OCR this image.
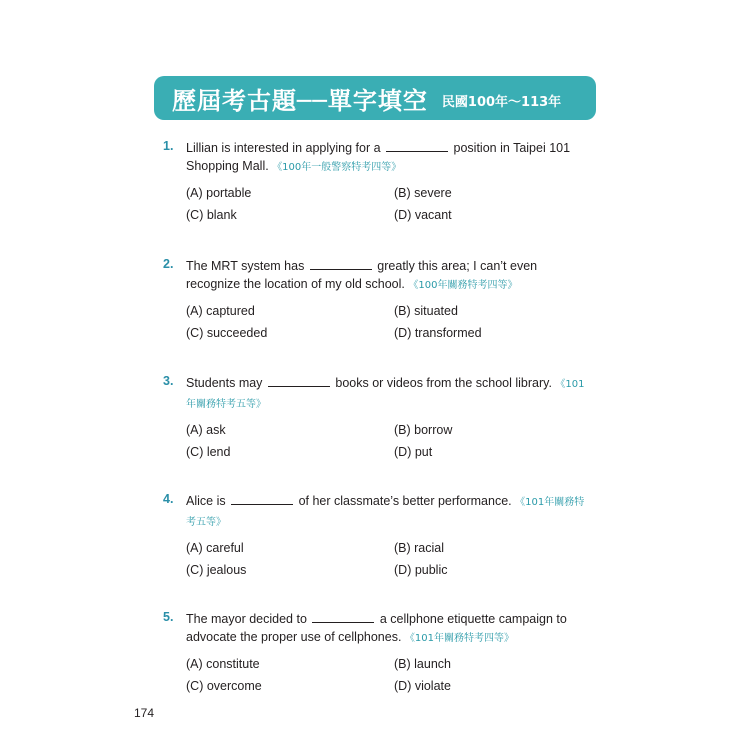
歷屆考古題──單字填空 民國100年～113年
1. Lillian is interested in applying for a	position in Taipei 101 Shopping Mall. 《100年一般警察特考四等》
(A) portable	(B) severe
(C) blank	(D) vacant
2. The MRT system has	greatly this area; I can’t even recognize the location of my old school. 《100年關務特考四等》
(A) captured	(B) situated
(C) succeeded	(D) transformed
3. Students may	books or videos from the school library. 《101年關務特考五等》
(A) ask	(B) borrow
(C) lend	(D) put
4. Alice is	of her classmate’s better performance. 《101年關務特考五等》
(A) careful	(B) racial
(C) jealous	(D) public
5. The mayor decided to	a cellphone etiquette campaign to advocate the proper use of cellphones. 《101年關務特考四等》
(A) constitute	(B) launch
(C) overcome	(D) violate
174
